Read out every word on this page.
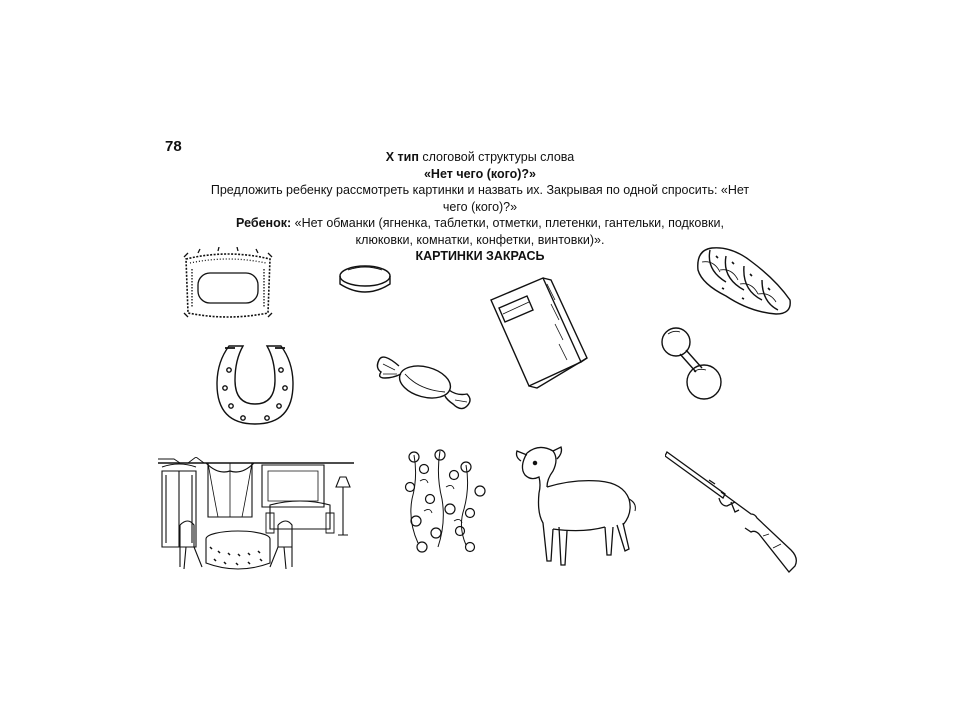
78
X тип слоговой структуры слова
«Нет чего (кого)?»
Предложить ребенку рассмотреть картинки и назвать их. Закрывая по одной спросить: «Нет
чего (кого)?»
Ребенок: «Нет обманки (ягненка, таблетки, отметки, плетенки, гантельки, подковки,
клюковки, комнатки, конфетки, винтовки)».
КАРТИНКИ ЗАКРАСЬ
